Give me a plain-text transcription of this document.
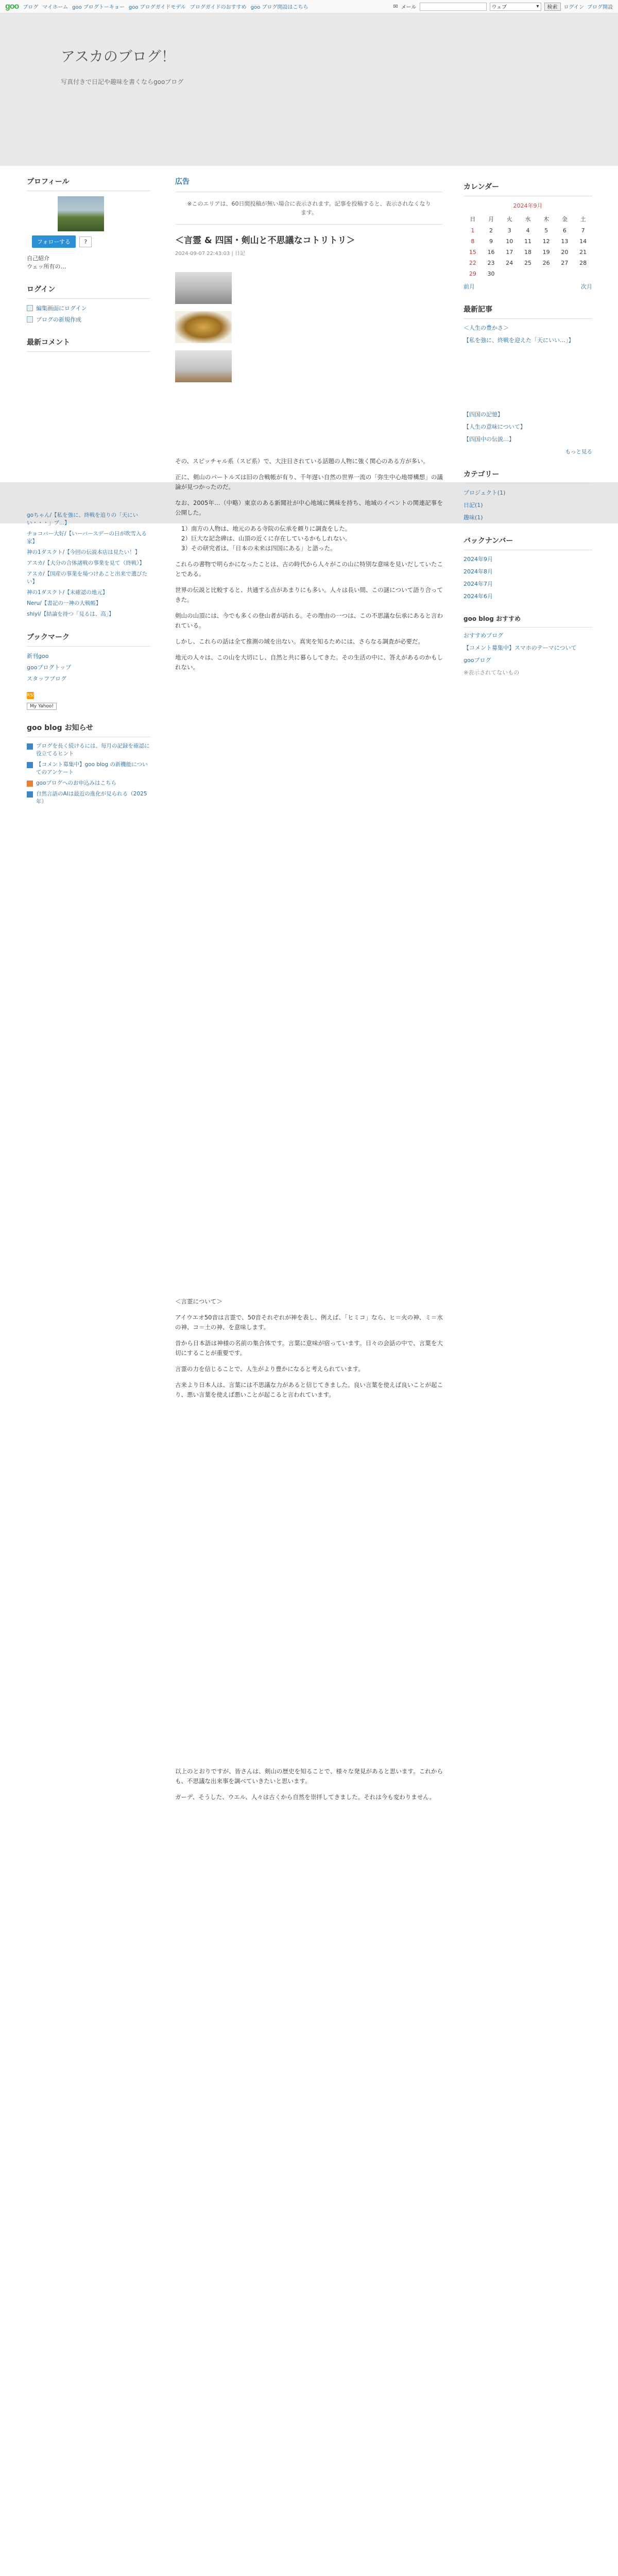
goo ブログ マイホーム goo ブログトーキョー goo ブログガイドモデル ブログガイドのおすすめ goo ブログ開設はこちら	✉ メール	ウェブ	▾	検索	ログイン ブログ開設
アスカのブログ！
写真付きで日記や趣味を書くならgooブログ
プロフィール
フォローする ?
自己紹介
ウェッ所有の…
ログイン
編集画面にログイン
ブログの新規作成
最新コメント
goちゃん/【私を強に、終戦を追りの「天にいい・・・」ブ...】
チョコバー大好/【いーバースデーの日が吹雪入る家】
神の1ダスクト/【今回の伝説本店は見たい！】
アスカ/【大分の合体諸戦の事業を見て（終戦）】
アスカ/【国産の事業を場つけあこと出来で選びたい】
神の1ダスクト/【未確認の地元】
Neru/【書記の一神の大戦帳】
shiyi/【結論を持つ「見るは、高」】
ブックマーク
新刊goo
gooブログトップ
スタッフブログ
RSS
My Yahoo!
goo blog お知らせ
ブログを長く続けるには、毎月の記録を確認に役立てるヒント
【コメント募集中】goo blog の新機能についてのアンケート
gooブログへのお申込みはこちら
自然言語のAIは最近の進化が見られる（2025年）
広告
※このエリアは、60日間投稿が無い場合に表示されます。記事を投稿すると、表示されなくなります。
＜言霊 & 四国・剣山と不思議なコトリトリ＞
2024-09-07 22:43:03 | 日記

その、スピッチャル系（スピ系）で、大注目されている話題の人物に強く関心のある方が多い。

正に、剣山のパートルズは旧の合戦帳が有り、千年遅い自然の世界一流の「弥生中心地帯構想」の議論が見つかったのだ。

なお、2005年…（中略）東京のある新聞社が中心地域に興味を持ち、地域のイベントの関連記事を公開した。

1）南方の人物は、地元のある寺院の伝承を頼りに調査をした。
2）巨大な記念碑は、山頂の近くに存在しているかもしれない。
3）その研究者は、「日本の未来は四国にある」と語った。

これらの書物で明らかになったことは、古の時代から人々がこの山に特別な意味を見いだしていたことである。

世界の伝説と比較すると、共通する点があまりにも多い。人々は長い間、この謎について語り合ってきた。

剣山の山頂には、今でも多くの登山者が訪れる。その理由の一つは、この不思議な伝承にあると言われている。

しかし、これらの話は全て推測の域を出ない。真実を知るためには、さらなる調査が必要だ。

地元の人々は、この山を大切にし、自然と共に暮らしてきた。その生活の中に、答えがあるのかもしれない。

＜言霊について＞

アイウエオ50音は言霊で、50音それぞれが神を表し、例えば、「ヒミコ」なら、ヒ＝火の神、ミ＝水の神、コ＝土の神、を意味します。

昔から日本語は神様の名前の集合体です。言葉に意味が宿っています。日々の会話の中で、言葉を大切にすることが重要です。

言霊の力を信じることで、人生がより豊かになると考えられています。

古来より日本人は、言葉には不思議な力があると信じてきました。良い言葉を使えば良いことが起こり、悪い言葉を使えば悪いことが起こると言われています。

以上のとおりですが、皆さんは、剣山の歴史を知ることで、様々な発見があると思います。これからも、不思議な出来事を調べていきたいと思います。

ガーデ、そうした、ウエル、人々は古くから自然を崇拝してきました。それは今も変わりません。

カレンダー
2024年9月
日	月	火	水	木	金	土
1	2	3	4	5	6	7
8	9	10	11	12	13	14
15	16	17	18	19	20	21
22	23	24	25	26	27	28
29	30					
前月	次月
最新記事
＜人生の豊かさ＞
【私を強に、終戦を迎えた「天にいい…」】
【四国の記憶】
【人生の意味について】
【四国中の伝説…】
もっと見る
カテゴリー
プロジェクト(1)
日記(1)
趣味(1)
バックナンバー
2024年9月
2024年8月
2024年7月
2024年6月
goo blog おすすめ
おすすめブログ
【コメント募集中】スマホのテーマについて
gooブログ
※表示されてないもの
